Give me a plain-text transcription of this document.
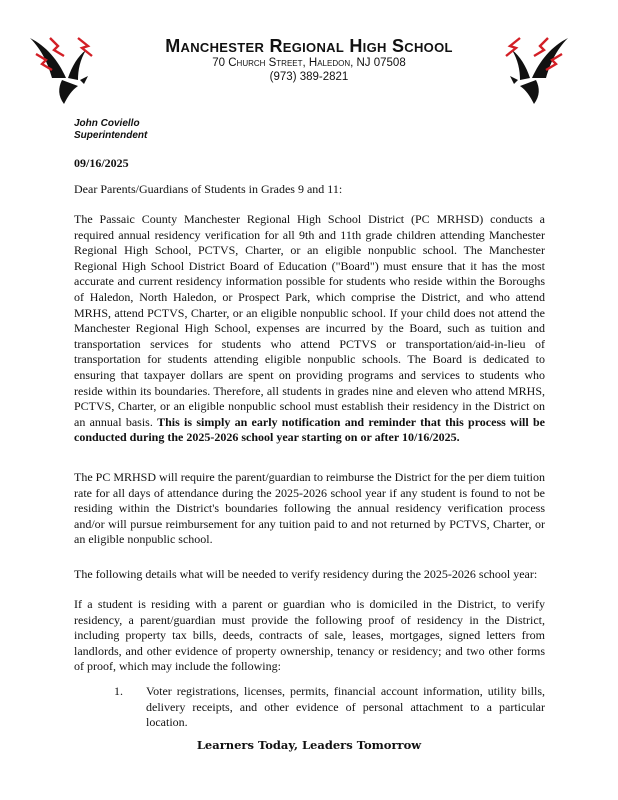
Manchester Regional High School
70 Church Street, Haledon, NJ 07508
(973) 389-2821
John Coviello
Superintendent
09/16/2025
Dear Parents/Guardians of Students in Grades 9 and 11:
The Passaic County Manchester Regional High School District (PC MRHSD) conducts a required annual residency verification for all 9th and 11th grade children attending Manchester Regional High School, PCTVS, Charter, or an eligible nonpublic school. The Manchester Regional High School District Board of Education ("Board") must ensure that it has the most accurate and current residency information possible for students who reside within the Boroughs of Haledon, North Haledon, or Prospect Park, which comprise the District, and who attend MRHS, attend PCTVS, Charter, or an eligible nonpublic school. If your child does not attend the Manchester Regional High School, expenses are incurred by the Board, such as tuition and transportation services for students who attend PCTVS or transportation/aid-in-lieu of transportation for students attending eligible nonpublic schools. The Board is dedicated to ensuring that taxpayer dollars are spent on providing programs and services to students who reside within its boundaries. Therefore, all students in grades nine and eleven who attend MRHS, PCTVS, Charter, or an eligible nonpublic school must establish their residency in the District on an annual basis. This is simply an early notification and reminder that this process will be conducted during the 2025-2026 school year starting on or after 10/16/2025.
The PC MRHSD will require the parent/guardian to reimburse the District for the per diem tuition rate for all days of attendance during the 2025-2026 school year if any student is found to not be residing within the District's boundaries following the annual residency verification process and/or will pursue reimbursement for any tuition paid to and not returned by PCTVS, Charter, or an eligible nonpublic school.
The following details what will be needed to verify residency during the 2025-2026 school year:
If a student is residing with a parent or guardian who is domiciled in the District, to verify residency, a parent/guardian must provide the following proof of residency in the District, including property tax bills, deeds, contracts of sale, leases, mortgages, signed letters from landlords, and other evidence of property ownership, tenancy or residency; and two other forms of proof, which may include the following:
1. Voter registrations, licenses, permits, financial account information, utility bills, delivery receipts, and other evidence of personal attachment to a particular location.
Learners Today, Leaders Tomorrow
